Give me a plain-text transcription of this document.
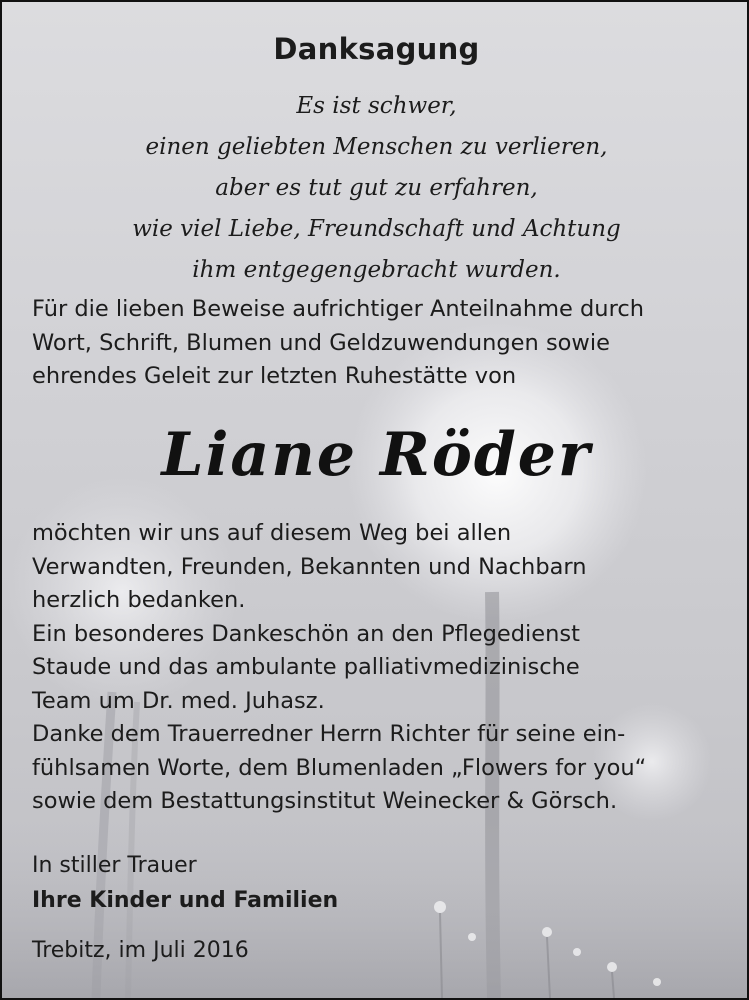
Danksagung
Es ist schwer,
einen geliebten Menschen zu verlieren,
aber es tut gut zu erfahren,
wie viel Liebe, Freundschaft und Achtung
ihm entgegengebracht wurden.
Für die lieben Beweise aufrichtiger Anteilnahme durch
Wort, Schrift, Blumen und Geldzuwendungen sowie
ehrendes Geleit zur letzten Ruhestätte von
Liane Röder
möchten wir uns auf diesem Weg bei allen
Verwandten, Freunden, Bekannten und Nachbarn
herzlich bedanken.
Ein besonderes Dankeschön an den Pflegedienst
Staude und das ambulante palliativmedizinische
Team um Dr. med. Juhasz.
Danke dem Trauerredner Herrn Richter für seine ein-
fühlsamen Worte, dem Blumenladen „Flowers for you“
sowie dem Bestattungsinstitut Weinecker & Görsch.
In stiller Trauer
Ihre Kinder und Familien
Trebitz, im Juli 2016
